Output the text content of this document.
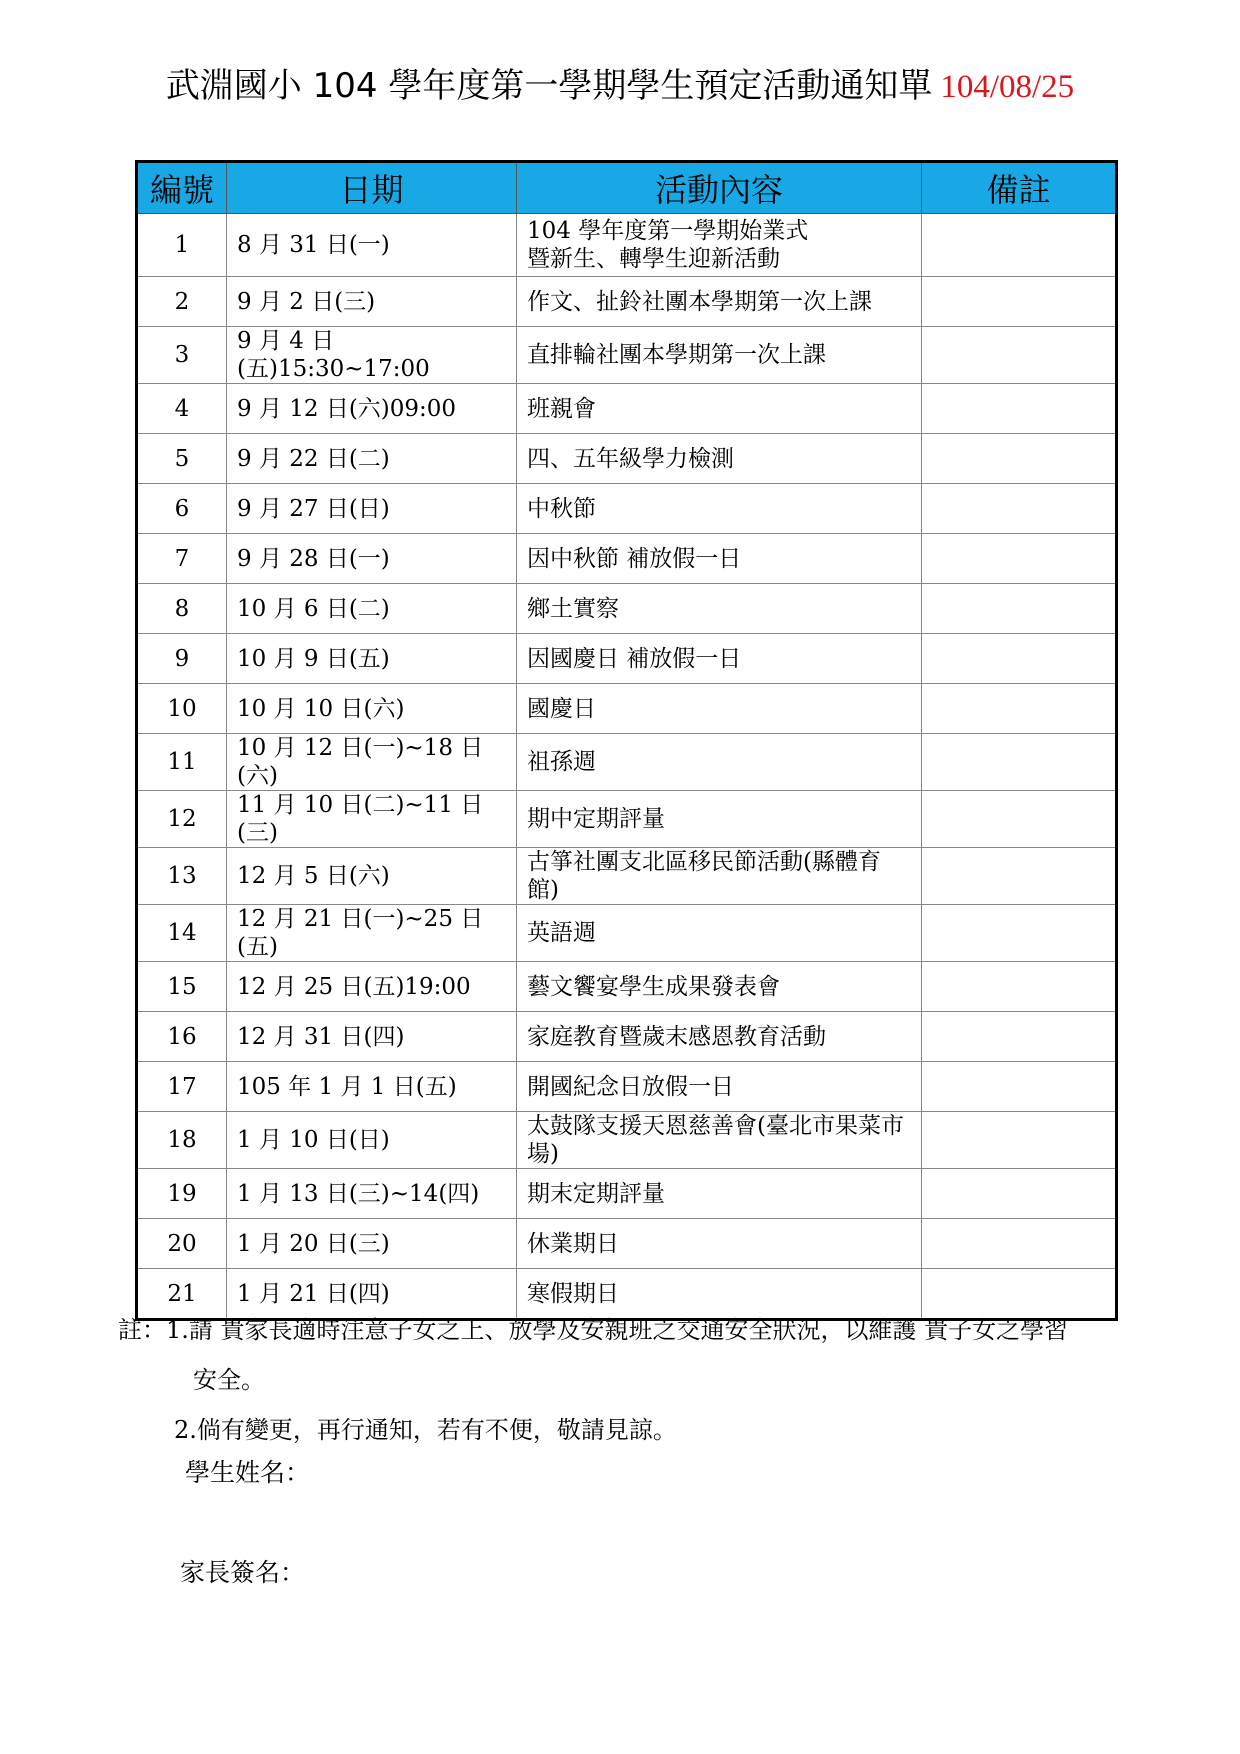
武淵國小 104 學年度第一學期學生預定活動通知單 104/08/25
編號	日期	活動內容	備註
1	8 月 31 日(一)	104 學年度第一學期始業式
暨新生、轉學生迎新活動	

2	9 月 2 日(三)	作文、扯鈴社團本學期第一次上課	
3	9 月 4 日(五)15:30~17:00	直排輪社團本學期第一次上課	
4	9 月 12 日(六)09:00	班親會	
5	9 月 22 日(二)	四、五年級學力檢測	
6	9 月 27 日(日)	中秋節	
7	9 月 28 日(一)	因中秋節 補放假一日	
8	10 月 6 日(二)	鄉土實察	
9	10 月 9 日(五)	因國慶日 補放假一日	
10	10 月 10 日(六)	國慶日	
11	10 月 12 日(一)~18 日(六)	祖孫週	
12	11 月 10 日(二)~11 日(三)	期中定期評量	
13	12 月 5 日(六)	古箏社團支北區移民節活動(縣體育館)	
14	12 月 21 日(一)~25 日(五)	英語週	
15	12 月 25 日(五)19:00	藝文饗宴學生成果發表會	
16	12 月 31 日(四)	家庭教育暨歲末感恩教育活動	
17	105 年 1 月 1 日(五)	開國紀念日放假一日	
18	1 月 10 日(日)	太鼓隊支援天恩慈善會(臺北市果菜市場)	
19	1 月 13 日(三)~14(四)	期末定期評量	
20	1 月 20 日(三)	休業期日	
21	1 月 21 日(四)	寒假期日	
註：1.請 貴家長適時注意子女之上、放學及安親班之交通安全狀況，以維護 貴子女之學習
安全。
2.倘有變更，再行通知，若有不便，敬請見諒。
學生姓名：
家長簽名：
